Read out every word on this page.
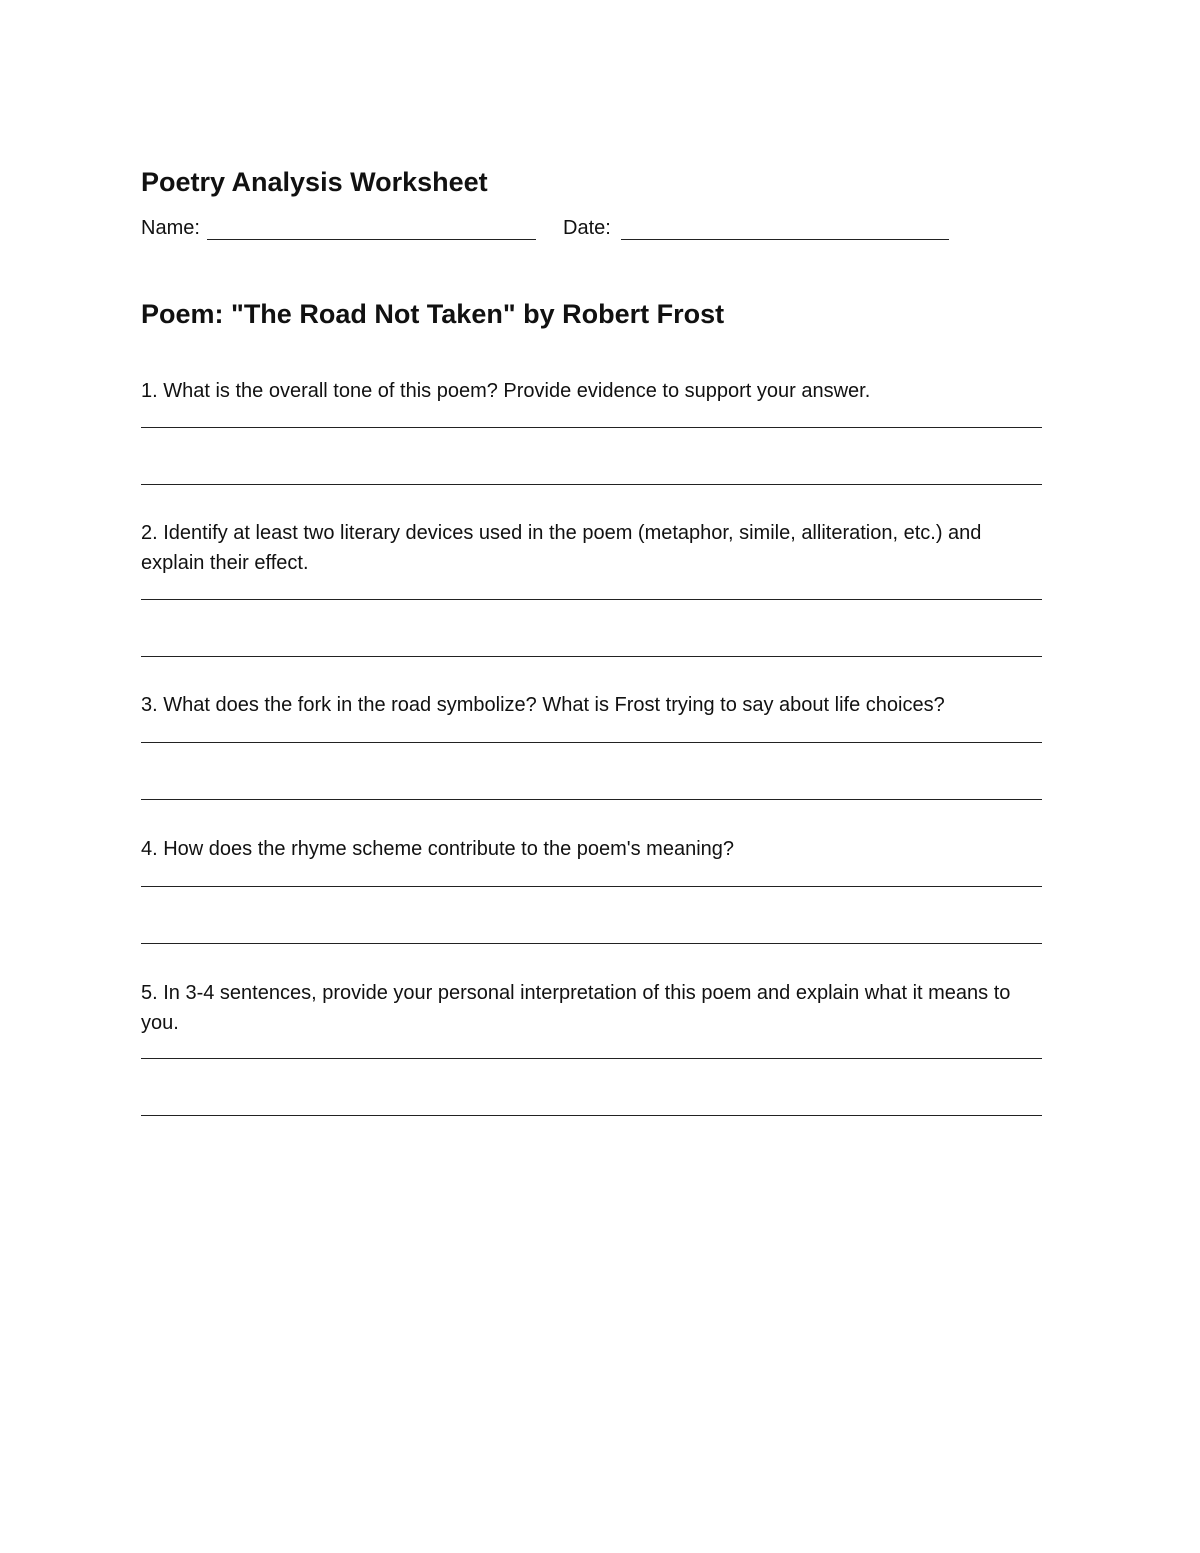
Poetry Analysis Worksheet
Name:	Date:
Poem: "The Road Not Taken" by Robert Frost
1. What is the overall tone of this poem? Provide evidence to support your answer.
2. Identify at least two literary devices used in the poem (metaphor, simile, alliteration, etc.) and explain their effect.
3. What does the fork in the road symbolize? What is Frost trying to say about life choices?
4. How does the rhyme scheme contribute to the poem's meaning?
5. In 3-4 sentences, provide your personal interpretation of this poem and explain what it means to you.
